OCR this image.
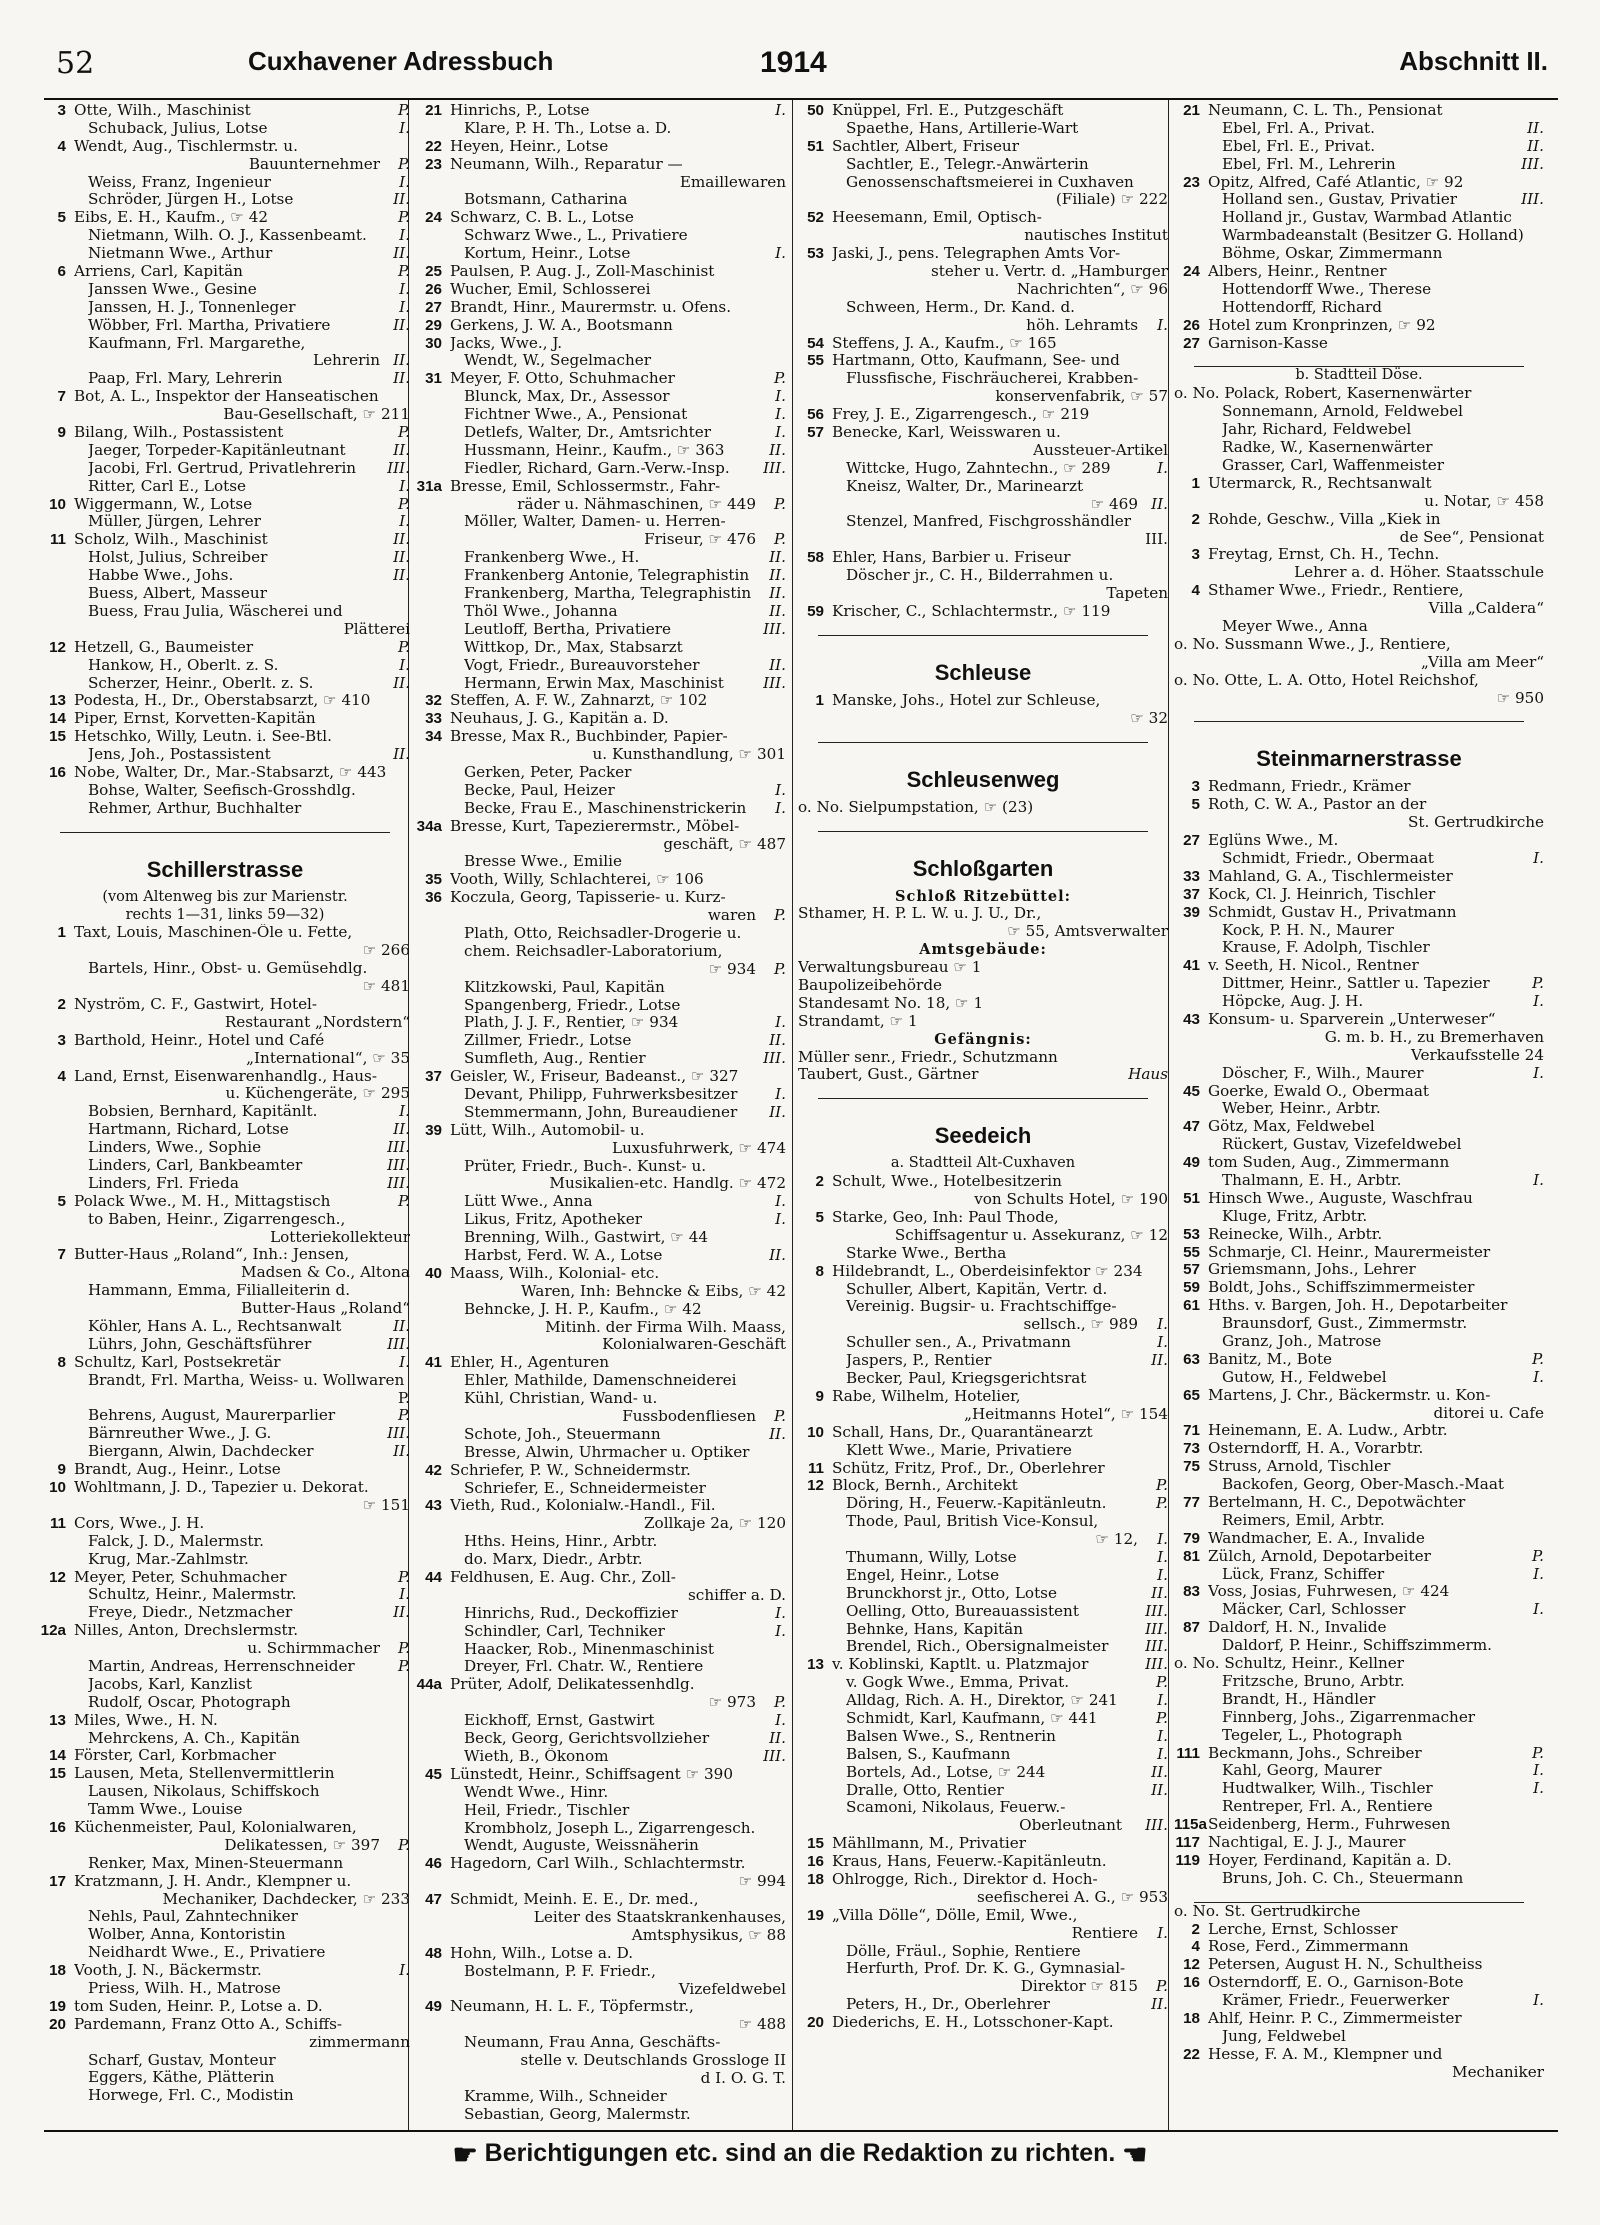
52	Cuxhavener Adressbuch	1914	Abschnitt II.
3 Otte, Wilh., Maschinist	P.
Schuback, Julius, Lotse	I.
4 Wendt, Aug., Tischlermstr. u.
Bauunternehmer P.
Weiss, Franz, Ingenieur	I.
Schröder, Jürgen H., Lotse	II.
5 Eibs, E. H., Kaufm., ☞ 42	P.
Nietmann, Wilh. O. J., Kassenbeamt.	I.
Nietmann Wwe., Arthur	II.
6 Arriens, Carl, Kapitän	P.
Janssen Wwe., Gesine	I.
Janssen, H. J., Tonnenleger	I.
Wöbber, Frl. Martha, Privatiere	II.
Kaufmann, Frl. Margarethe,
Lehrerin II.
Paap, Frl. Mary, Lehrerin	II.
7 Bot, A. L., Inspektor der Hanseatischen
Bau-Gesellschaft, ☞ 211
9 Bilang, Wilh., Postassistent	P.
Jaeger, Torpeder-Kapitänleutnant	II.
Jacobi, Frl. Gertrud, Privatlehrerin	III.
Ritter, Carl E., Lotse	I.
10 Wiggermann, W., Lotse	P.
Müller, Jürgen, Lehrer	I.
11 Scholz, Wilh., Maschinist	II.
Holst, Julius, Schreiber	II.
Habbe Wwe., Johs.	II.
Buess, Albert, Masseur
Buess, Frau Julia, Wäscherei und
Plätterei
12 Hetzell, G., Baumeister	P.
Hankow, H., Oberlt. z. S.	I.
Scherzer, Heinr., Oberlt. z. S.	II.
13 Podesta, H., Dr., Oberstabsarzt, ☞ 410
14 Piper, Ernst, Korvetten-Kapitän
15 Hetschko, Willy, Leutn. i. See-Btl.
Jens, Joh., Postassistent	II.
16 Nobe, Walter, Dr., Mar.-Stabsarzt, ☞ 443
Bohse, Walter, Seefisch-Grosshdlg.
Rehmer, Arthur, Buchhalter
Schillerstrasse
(vom Altenweg bis zur Marienstr.
rechts 1—31, links 59—32)
1 Taxt, Louis, Maschinen-Öle u. Fette,
☞ 266
Bartels, Hinr., Obst- u. Gemüsehdlg.
☞ 481
2 Nyström, C. F., Gastwirt, Hotel-
Restaurant „Nordstern“
3 Barthold, Heinr., Hotel und Café
„International“, ☞ 35
4 Land, Ernst, Eisenwarenhandlg., Haus-
u. Küchengeräte, ☞ 295
Bobsien, Bernhard, Kapitänlt.	I.
Hartmann, Richard, Lotse	II.
Linders, Wwe., Sophie	III.
Linders, Carl, Bankbeamter	III.
Linders, Frl. Frieda	III.
5 Polack Wwe., M. H., Mittagstisch	P.
to Baben, Heinr., Zigarrengesch.,
Lotteriekollekteur
7 Butter-Haus „Roland“, Inh.: Jensen,
Madsen & Co., Altona
Hammann, Emma, Filialleiterin d.
Butter-Haus „Roland“
Köhler, Hans A. L., Rechtsanwalt	II.
Lührs, John, Geschäftsführer	III.
8 Schultz, Karl, Postsekretär	I.
Brandt, Frl. Martha, Weiss- u. Wollwaren
P.
Behrens, August, Maurerparlier	P.
Bärnreuther Wwe., J. G.	III.
Biergann, Alwin, Dachdecker	II.
9 Brandt, Aug., Heinr., Lotse
10 Wohltmann, J. D., Tapezier u. Dekorat.
☞ 151
11 Cors, Wwe., J. H.
Falck, J. D., Malermstr.
Krug, Mar.-Zahlmstr.
12 Meyer, Peter, Schuhmacher	P.
Schultz, Heinr., Malermstr.	I.
Freye, Diedr., Netzmacher	II.
12a Nilles, Anton, Drechslermstr.
u. Schirmmacher P.
Martin, Andreas, Herrenschneider	P.
Jacobs, Karl, Kanzlist
Rudolf, Oscar, Photograph
13 Miles, Wwe., H. N.
Mehrckens, A. Ch., Kapitän
14 Förster, Carl, Korbmacher
15 Lausen, Meta, Stellenvermittlerin
Lausen, Nikolaus, Schiffskoch
Tamm Wwe., Louise
16 Küchenmeister, Paul, Kolonialwaren,
Delikatessen, ☞ 397 P.
Renker, Max, Minen-Steuermann
17 Kratzmann, J. H. Andr., Klempner u.
Mechaniker, Dachdecker, ☞ 233
Nehls, Paul, Zahntechniker
Wolber, Anna, Kontoristin
Neidhardt Wwe., E., Privatiere
18 Vooth, J. N., Bäckermstr.	I.
Priess, Wilh. H., Matrose
19 tom Suden, Heinr. P., Lotse a. D.
20 Pardemann, Franz Otto A., Schiffs-
zimmermann
Scharf, Gustav, Monteur
Eggers, Käthe, Plätterin
Horwege, Frl. C., Modistin
21 Hinrichs, P., Lotse	I.
Klare, P. H. Th., Lotse a. D.
22 Heyen, Heinr., Lotse
23 Neumann, Wilh., Reparatur —
Emaillewaren
Botsmann, Catharina
24 Schwarz, C. B. L., Lotse
Schwarz Wwe., L., Privatiere
Kortum, Heinr., Lotse	I.
25 Paulsen, P. Aug. J., Zoll-Maschinist
26 Wucher, Emil, Schlosserei
27 Brandt, Hinr., Maurermstr. u. Ofens.
29 Gerkens, J. W. A., Bootsmann
30 Jacks, Wwe., J.
Wendt, W., Segelmacher
31 Meyer, F. Otto, Schuhmacher	P.
Blunck, Max, Dr., Assessor	I.
Fichtner Wwe., A., Pensionat	I.
Detlefs, Walter, Dr., Amtsrichter	I.
Hussmann, Heinr., Kaufm., ☞ 363	II.
Fiedler, Richard, Garn.-Verw.-Insp.	III.
31a Bresse, Emil, Schlossermstr., Fahr-
räder u. Nähmaschinen, ☞ 449 P.
Möller, Walter, Damen- u. Herren-
Friseur, ☞ 476 P.
Frankenberg Wwe., H.	II.
Frankenberg Antonie, Telegraphistin	II.
Frankenberg, Martha, Telegraphistin	II.
Thöl Wwe., Johanna	II.
Leutloff, Bertha, Privatiere	III.
Wittkop, Dr., Max, Stabsarzt
Vogt, Friedr., Bureauvorsteher	II.
Hermann, Erwin Max, Maschinist	III.
32 Steffen, A. F. W., Zahnarzt, ☞ 102
33 Neuhaus, J. G., Kapitän a. D.
34 Bresse, Max R., Buchbinder, Papier-
u. Kunsthandlung, ☞ 301
Gerken, Peter, Packer
Becke, Paul, Heizer	I.
Becke, Frau E., Maschinenstrickerin	I.
34a Bresse, Kurt, Tapezierermstr., Möbel-
geschäft, ☞ 487
Bresse Wwe., Emilie
35 Vooth, Willy, Schlachterei, ☞ 106
36 Koczula, Georg, Tapisserie- u. Kurz-
waren P.
Plath, Otto, Reichsadler-Drogerie u.
chem. Reichsadler-Laboratorium,
☞ 934 P.
Klitzkowski, Paul, Kapitän
Spangenberg, Friedr., Lotse
Plath, J. J. F., Rentier, ☞ 934	I.
Zillmer, Friedr., Lotse	II.
Sumfleth, Aug., Rentier	III.
37 Geisler, W., Friseur, Badeanst., ☞ 327
Devant, Philipp, Fuhrwerksbesitzer	I.
Stemmermann, John, Bureaudiener	II.
39 Lütt, Wilh., Automobil- u.
Luxusfuhrwerk, ☞ 474
Prüter, Friedr., Buch-. Kunst- u.
Musikalien-etc. Handlg. ☞ 472
Lütt Wwe., Anna	I.
Likus, Fritz, Apotheker	I.
Brenning, Wilh., Gastwirt, ☞ 44
Harbst, Ferd. W. A., Lotse	II.
40 Maass, Wilh., Kolonial- etc.
Waren, Inh: Behncke & Eibs, ☞ 42
Behncke, J. H. P., Kaufm., ☞ 42
Mitinh. der Firma Wilh. Maass,
Kolonialwaren-Geschäft
41 Ehler, H., Agenturen
Ehler, Mathilde, Damenschneiderei
Kühl, Christian, Wand- u.
Fussbodenfliesen P.
Schote, Joh., Steuermann	II.
Bresse, Alwin, Uhrmacher u. Optiker
42 Schriefer, P. W., Schneidermstr.
Schriefer, E., Schneidermeister
43 Vieth, Rud., Kolonialw.-Handl., Fil.
Zollkaje 2a, ☞ 120
Hths. Heins, Hinr., Arbtr.
do. Marx, Diedr., Arbtr.
44 Feldhusen, E. Aug. Chr., Zoll-
schiffer a. D.
Hinrichs, Rud., Deckoffizier	I.
Schindler, Carl, Techniker	I.
Haacker, Rob., Minenmaschinist
Dreyer, Frl. Chatr. W., Rentiere
44a Prüter, Adolf, Delikatessenhdlg.
☞ 973 P.
Eickhoff, Ernst, Gastwirt	I.
Beck, Georg, Gerichtsvollzieher	II.
Wieth, B., Ökonom	III.
45 Lünstedt, Heinr., Schiffsagent ☞ 390
Wendt Wwe., Hinr.
Heil, Friedr., Tischler
Krombholz, Joseph L., Zigarrengesch.
Wendt, Auguste, Weissnäherin
46 Hagedorn, Carl Wilh., Schlachtermstr.
☞ 994
47 Schmidt, Meinh. E. E., Dr. med.,
Leiter des Staatskrankenhauses,
Amtsphysikus, ☞ 88
48 Hohn, Wilh., Lotse a. D.
Bostelmann, P. F. Friedr.,
Vizefeldwebel
49 Neumann, H. L. F., Töpfermstr.,
☞ 488
Neumann, Frau Anna, Geschäfts-
stelle v. Deutschlands Grossloge II
d I. O. G. T.
Kramme, Wilh., Schneider
Sebastian, Georg, Malermstr.
50 Knüppel, Frl. E., Putzgeschäft
Spaethe, Hans, Artillerie-Wart
51 Sachtler, Albert, Friseur
Sachtler, E., Telegr.-Anwärterin
Genossenschaftsmeierei in Cuxhaven
(Filiale) ☞ 222
52 Heesemann, Emil, Optisch-
nautisches Institut
53 Jaski, J., pens. Telegraphen Amts Vor-
steher u. Vertr. d. „Hamburger
Nachrichten“, ☞ 96
Schween, Herm., Dr. Kand. d.
höh. Lehramts I.
54 Steffens, J. A., Kaufm., ☞ 165
55 Hartmann, Otto, Kaufmann, See- und
Flussfische, Fischräucherei, Krabben-
konservenfabrik, ☞ 57
56 Frey, J. E., Zigarrengesch., ☞ 219
57 Benecke, Karl, Weisswaren u.
Aussteuer-Artikel
Wittcke, Hugo, Zahntechn., ☞ 289	I.
Kneisz, Walter, Dr., Marinearzt
☞ 469 II.
Stenzel, Manfred, Fischgrosshändler
III.
58 Ehler, Hans, Barbier u. Friseur
Döscher jr., C. H., Bilderrahmen u.
Tapeten
59 Krischer, C., Schlachtermstr., ☞ 119
Schleuse
1 Manske, Johs., Hotel zur Schleuse,
☞ 32
Schleusenweg
o. No. Sielpumpstation, ☞ (23)
Schloßgarten
Schloß Ritzebüttel:
Sthamer, H. P. L. W. u. J. U., Dr.,
☞ 55, Amtsverwalter
Amtsgebäude:
Verwaltungsbureau ☞ 1
Baupolizeibehörde
Standesamt No. 18, ☞ 1
Strandamt, ☞ 1
Gefängnis:
Müller senr., Friedr., Schutzmann
Taubert, Gust., Gärtner	Haus
Seedeich
a. Stadtteil Alt-Cuxhaven
2 Schult, Wwe., Hotelbesitzerin
von Schults Hotel, ☞ 190
5 Starke, Geo, Inh: Paul Thode,
Schiffsagentur u. Assekuranz, ☞ 12
Starke Wwe., Bertha
8 Hildebrandt, L., Oberdeisinfektor ☞ 234
Schuller, Albert, Kapitän, Vertr. d.
Vereinig. Bugsir- u. Frachtschiffge-
sellsch., ☞ 989 I.
Schuller sen., A., Privatmann	I.
Jaspers, P., Rentier	II.
Becker, Paul, Kriegsgerichtsrat
9 Rabe, Wilhelm, Hotelier,
„Heitmanns Hotel“, ☞ 154
10 Schall, Hans, Dr., Quarantänearzt
Klett Wwe., Marie, Privatiere
11 Schütz, Fritz, Prof., Dr., Oberlehrer
12 Block, Bernh., Architekt	P.
Döring, H., Feuerw.-Kapitänleutn.	P.
Thode, Paul, British Vice-Konsul,
☞ 12, I.
Thumann, Willy, Lotse	I.
Engel, Heinr., Lotse	I.
Brunckhorst jr., Otto, Lotse	II.
Oelling, Otto, Bureauassistent	III.
Behnke, Hans, Kapitän	III.
Brendel, Rich., Obersignalmeister	III.
13 v. Koblinski, Kaptlt. u. Platzmajor	III.
v. Gogk Wwe., Emma, Privat.	P.
Alldag, Rich. A. H., Direktor, ☞ 241	I.
Schmidt, Karl, Kaufmann, ☞ 441	P.
Balsen Wwe., S., Rentnerin	I.
Balsen, S., Kaufmann	I.
Bortels, Ad., Lotse, ☞ 244	II.
Dralle, Otto, Rentier	II.
Scamoni, Nikolaus, Feuerw.-
Oberleutnant III.
15 Mähllmann, M., Privatier
16 Kraus, Hans, Feuerw.-Kapitänleutn.
18 Ohlrogge, Rich., Direktor d. Hoch-
seefischerei A. G., ☞ 953
19 „Villa Dölle“, Dölle, Emil, Wwe.,
Rentiere I.
Dölle, Fräul., Sophie, Rentiere
Herfurth, Prof. Dr. K. G., Gymnasial-
Direktor ☞ 815 P.
Peters, H., Dr., Oberlehrer	II.
20 Diederichs, E. H., Lotsschoner-Kapt.
21 Neumann, C. L. Th., Pensionat
Ebel, Frl. A., Privat.	II.
Ebel, Frl. E., Privat.	II.
Ebel, Frl. M., Lehrerin	III.
23 Opitz, Alfred, Café Atlantic, ☞ 92
Holland sen., Gustav, Privatier	III.
Holland jr., Gustav, Warmbad Atlantic
Warmbadeanstalt (Besitzer G. Holland)
Böhme, Oskar, Zimmermann
24 Albers, Heinr., Rentner
Hottendorff Wwe., Therese
Hottendorff, Richard
26 Hotel zum Kronprinzen, ☞ 92
27 Garnison-Kasse
b. Stadtteil Döse.
o. No. Polack, Robert, Kasernenwärter
Sonnemann, Arnold, Feldwebel
Jahr, Richard, Feldwebel
Radke, W., Kasernenwärter
Grasser, Carl, Waffenmeister
1 Utermarck, R., Rechtsanwalt
u. Notar, ☞ 458
2 Rohde, Geschw., Villa „Kiek in
de See“, Pensionat
3 Freytag, Ernst, Ch. H., Techn.
Lehrer a. d. Höher. Staatsschule
4 Sthamer Wwe., Friedr., Rentiere,
Villa „Caldera“
Meyer Wwe., Anna
o. No. Sussmann Wwe., J., Rentiere,
„Villa am Meer“
o. No. Otte, L. A. Otto, Hotel Reichshof,
☞ 950
Steinmarnerstrasse
3 Redmann, Friedr., Krämer
5 Roth, C. W. A., Pastor an der
St. Gertrudkirche
27 Eglüns Wwe., M.
Schmidt, Friedr., Obermaat	I.
33 Mahland, G. A., Tischlermeister
37 Kock, Cl. J. Heinrich, Tischler
39 Schmidt, Gustav H., Privatmann
Kock, P. H. N., Maurer
Krause, F. Adolph, Tischler
41 v. Seeth, H. Nicol., Rentner
Dittmer, Heinr., Sattler u. Tapezier	P.
Höpcke, Aug. J. H.	I.
43 Konsum- u. Sparverein „Unterweser“
G. m. b. H., zu Bremerhaven
Verkaufsstelle 24
Döscher, F., Wilh., Maurer	I.
45 Goerke, Ewald O., Obermaat
Weber, Heinr., Arbtr.
47 Götz, Max, Feldwebel
Rückert, Gustav, Vizefeldwebel
49 tom Suden, Aug., Zimmermann
Thalmann, E. H., Arbtr.	I.
51 Hinsch Wwe., Auguste, Waschfrau
Kluge, Fritz, Arbtr.
53 Reinecke, Wilh., Arbtr.
55 Schmarje, Cl. Heinr., Maurermeister
57 Griemsmann, Johs., Lehrer
59 Boldt, Johs., Schiffszimmermeister
61 Hths. v. Bargen, Joh. H., Depotarbeiter
Braunsdorf, Gust., Zimmermstr.
Granz, Joh., Matrose
63 Banitz, M., Bote	P.
Gutow, H., Feldwebel	I.
65 Martens, J. Chr., Bäckermstr. u. Kon-
ditorei u. Cafe
71 Heinemann, E. A. Ludw., Arbtr.
73 Osterndorff, H. A., Vorarbtr.
75 Struss, Arnold, Tischler
Backofen, Georg, Ober-Masch.-Maat
77 Bertelmann, H. C., Depotwächter
Reimers, Emil, Arbtr.
79 Wandmacher, E. A., Invalide
81 Zülch, Arnold, Depotarbeiter	P.
Lück, Franz, Schiffer	I.
83 Voss, Josias, Fuhrwesen, ☞ 424
Mäcker, Carl, Schlosser	I.
87 Daldorf, H. N., Invalide
Daldorf, P. Heinr., Schiffszimmerm.
o. No. Schultz, Heinr., Kellner
Fritzsche, Bruno, Arbtr.
Brandt, H., Händler
Finnberg, Johs., Zigarrenmacher
Tegeler, L., Photograph
111 Beckmann, Johs., Schreiber	P.
Kahl, Georg, Maurer	I.
Hudtwalker, Wilh., Tischler	I.
Rentreper, Frl. A., Rentiere
115a Seidenberg, Herm., Fuhrwesen
117 Nachtigal, E. J. J., Maurer
119 Hoyer, Ferdinand, Kapitän a. D.
Bruns, Joh. C. Ch., Steuermann
o. No. St. Gertrudkirche
2 Lerche, Ernst, Schlosser
4 Rose, Ferd., Zimmermann
12 Petersen, August H. N., Schultheiss
16 Osterndorff, E. O., Garnison-Bote
Krämer, Friedr., Feuerwerker	I.
18 Ahlf, Heinr. P. C., Zimmermeister
Jung, Feldwebel
22 Hesse, F. A. M., Klempner und
Mechaniker
☛ Berichtigungen etc. sind an die Redaktion zu richten. ☚
